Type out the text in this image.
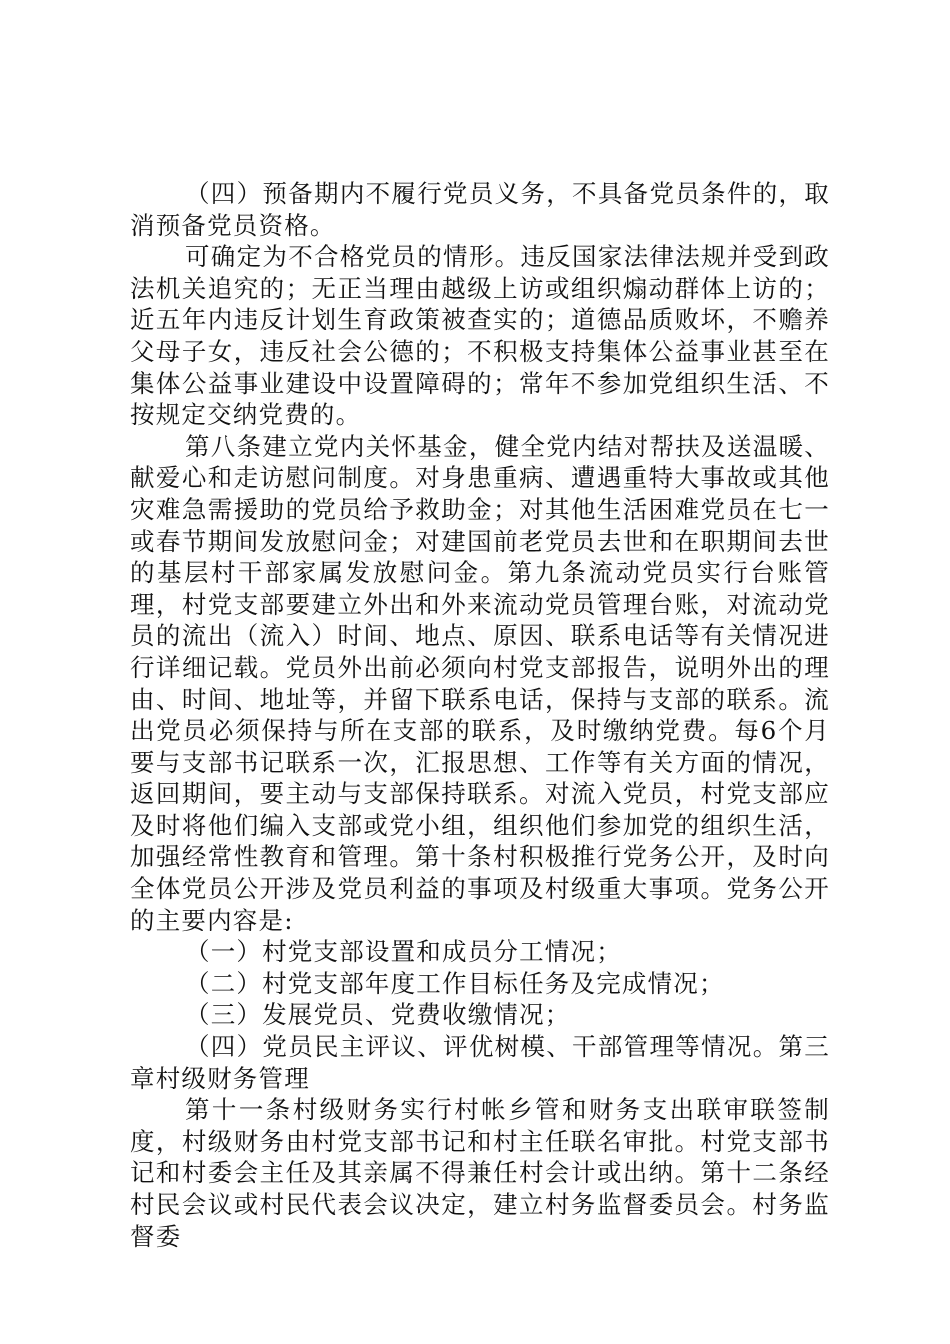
（四）预备期内不履行党员义务，不具备党员条件的，取消预备党员资格。

可确定为不合格党员的情形。违反国家法律法规并受到政法机关追究的；无正当理由越级上访或组织煽动群体上访的；近五年内违反计划生育政策被查实的；道德品质败坏，不赡养父母子女，违反社会公德的；不积极支持集体公益事业甚至在集体公益事业建设中设置障碍的；常年不参加党组织生活、不按规定交纳党费的。

第八条建立党内关怀基金，健全党内结对帮扶及送温暖、献爱心和走访慰问制度。对身患重病、遭遇重特大事故或其他灾难急需援助的党员给予救助金；对其他生活困难党员在七一或春节期间发放慰问金；对建国前老党员去世和在职期间去世的基层村干部家属发放慰问金。第九条流动党员实行台账管理，村党支部要建立外出和外来流动党员管理台账，对流动党员的流出（流入）时间、地点、原因、联系电话等有关情况进行详细记载。党员外出前必须向村党支部报告，说明外出的理由、时间、地址等，并留下联系电话，保持与支部的联系。流出党员必须保持与所在支部的联系，及时缴纳党费。每6个月要与支部书记联系一次，汇报思想、工作等有关方面的情况，返回期间，要主动与支部保持联系。对流入党员，村党支部应及时将他们编入支部或党小组，组织他们参加党的组织生活，加强经常性教育和管理。第十条村积极推行党务公开，及时向全体党员公开涉及党员利益的事项及村级重大事项。党务公开的主要内容是:

（一）村党支部设置和成员分工情况；

（二）村党支部年度工作目标任务及完成情况；

（三）发展党员、党费收缴情况；

（四）党员民主评议、评优树模、干部管理等情况。第三章村级财务管理

第十一条村级财务实行村帐乡管和财务支出联审联签制度，村级财务由村党支部书记和村主任联名审批。村党支部书记和村委会主任及其亲属不得兼任村会计或出纳。第十二条经村民会议或村民代表会议决定，建立村务监督委员会。村务监督委
